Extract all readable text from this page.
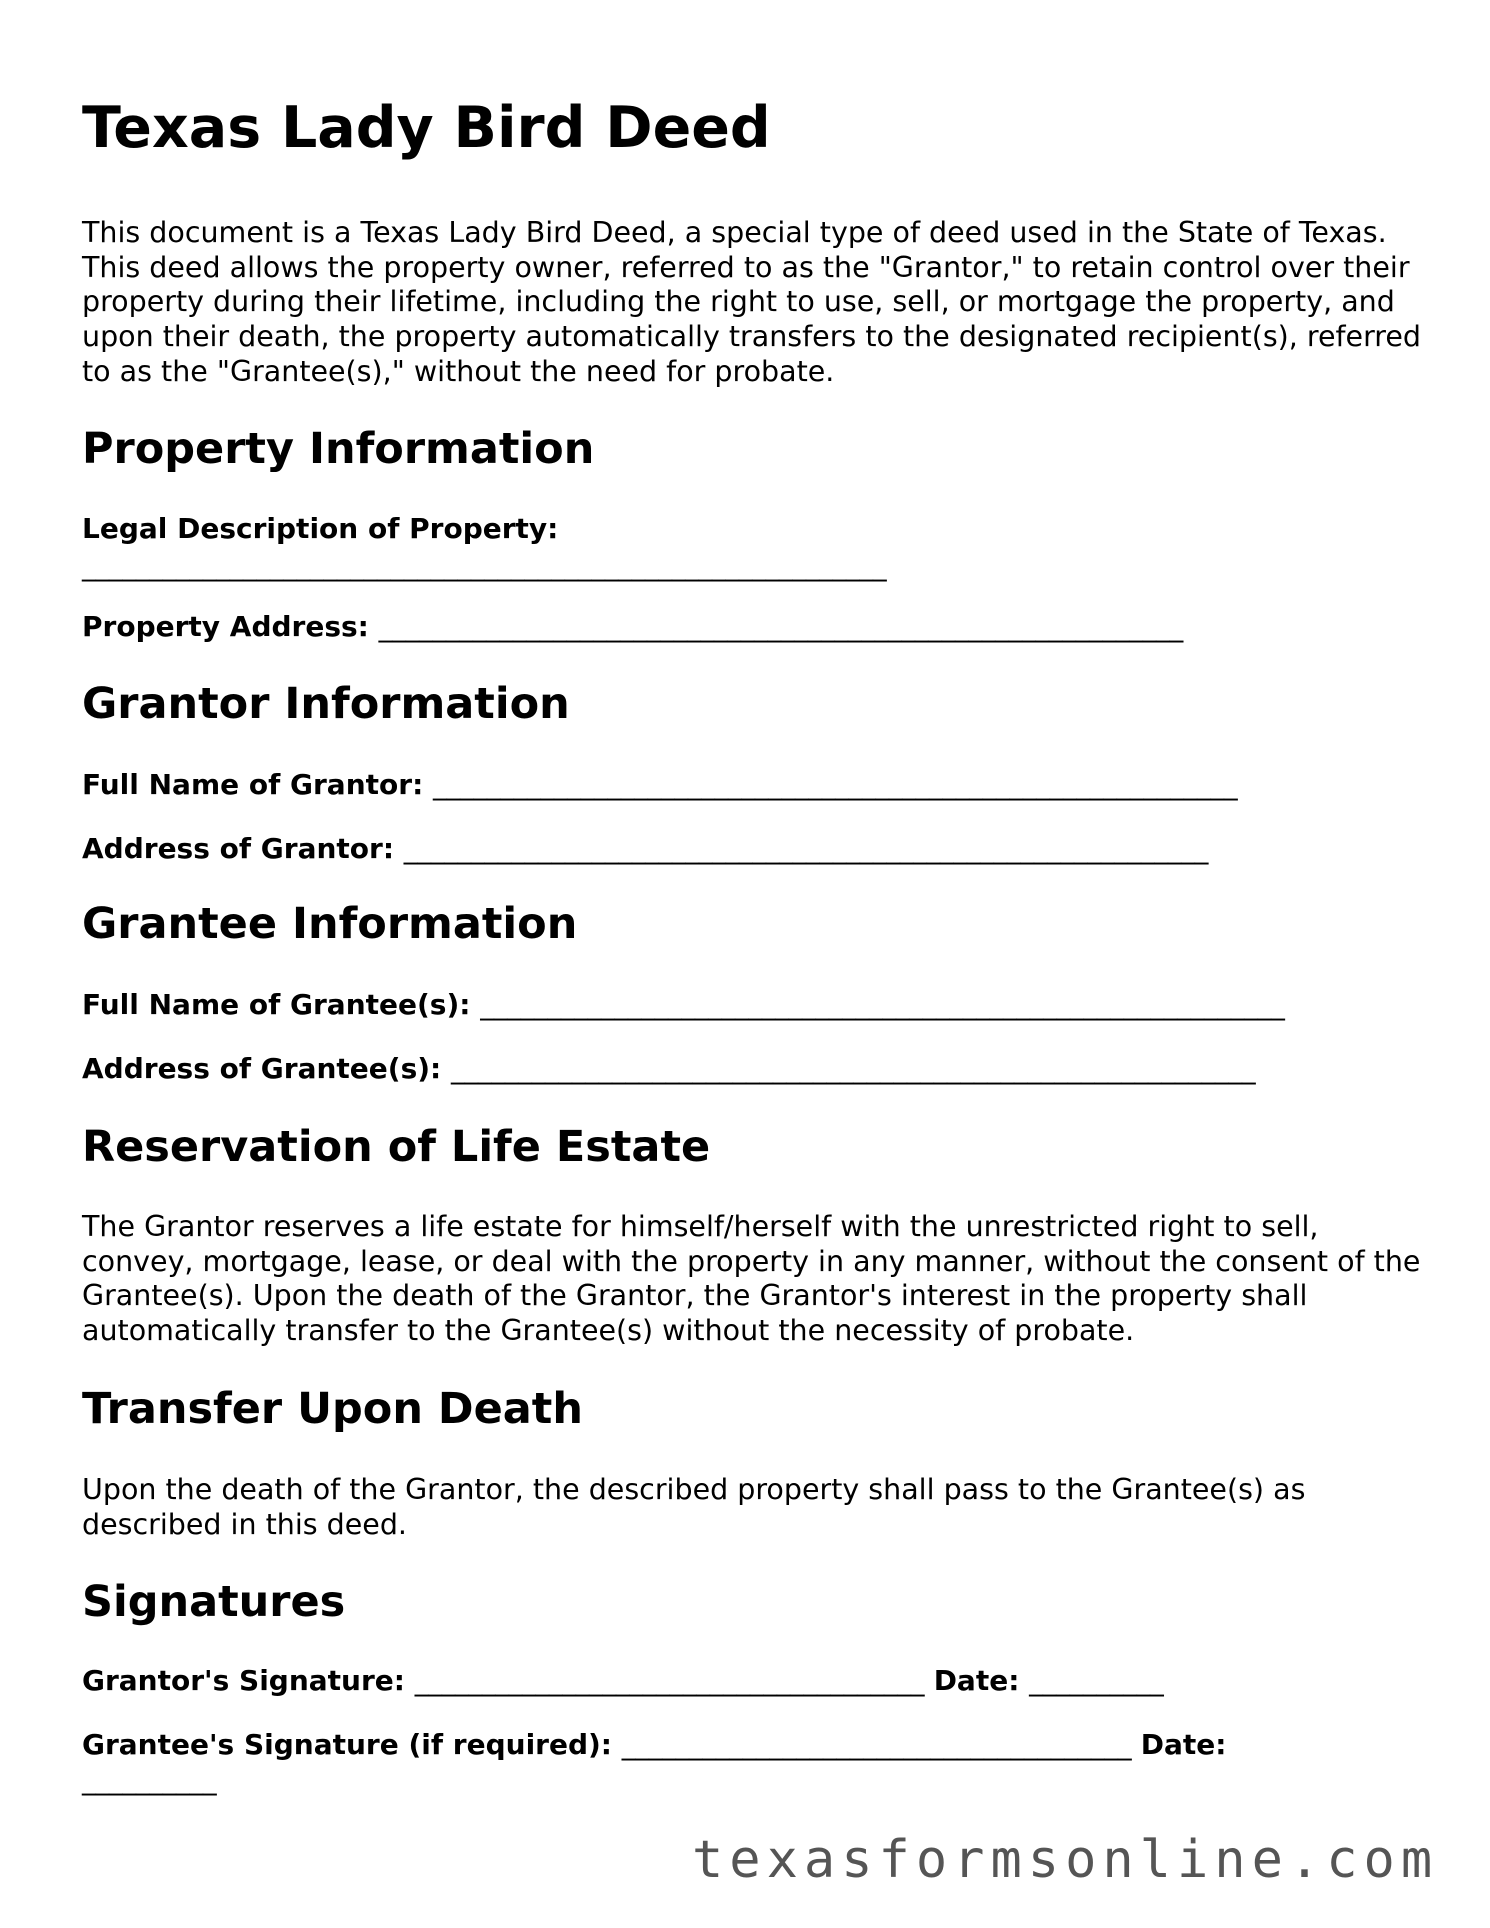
Texas Lady Bird Deed

This document is a Texas Lady Bird Deed, a special type of deed used in the State of Texas. This deed allows the property owner, referred to as the "Grantor," to retain control over their property during their lifetime, including the right to use, sell, or mortgage the property, and upon their death, the property automatically transfers to the designated recipient(s), referred to as the "Grantee(s)," without the need for probate.

Property Information
Legal Description of Property:
____________________________________________________________
Property Address: ____________________________________________________________
Grantor Information
Full Name of Grantor: ____________________________________________________________
Address of Grantor: ____________________________________________________________
Grantee Information
Full Name of Grantee(s): ____________________________________________________________
Address of Grantee(s): ____________________________________________________________
Reservation of Life Estate

The Grantor reserves a life estate for himself/herself with the unrestricted right to sell, convey, mortgage, lease, or deal with the property in any manner, without the consent of the Grantee(s). Upon the death of the Grantor, the Grantor's interest in the property shall automatically transfer to the Grantee(s) without the necessity of probate.

Transfer Upon Death

Upon the death of the Grantor, the described property shall pass to the Grantee(s) as described in this deed.

Signatures
Grantor's Signature: ______________________________________ Date: __________
Grantee's Signature (if required): ______________________________________ Date:
__________
texasformsonline.com
